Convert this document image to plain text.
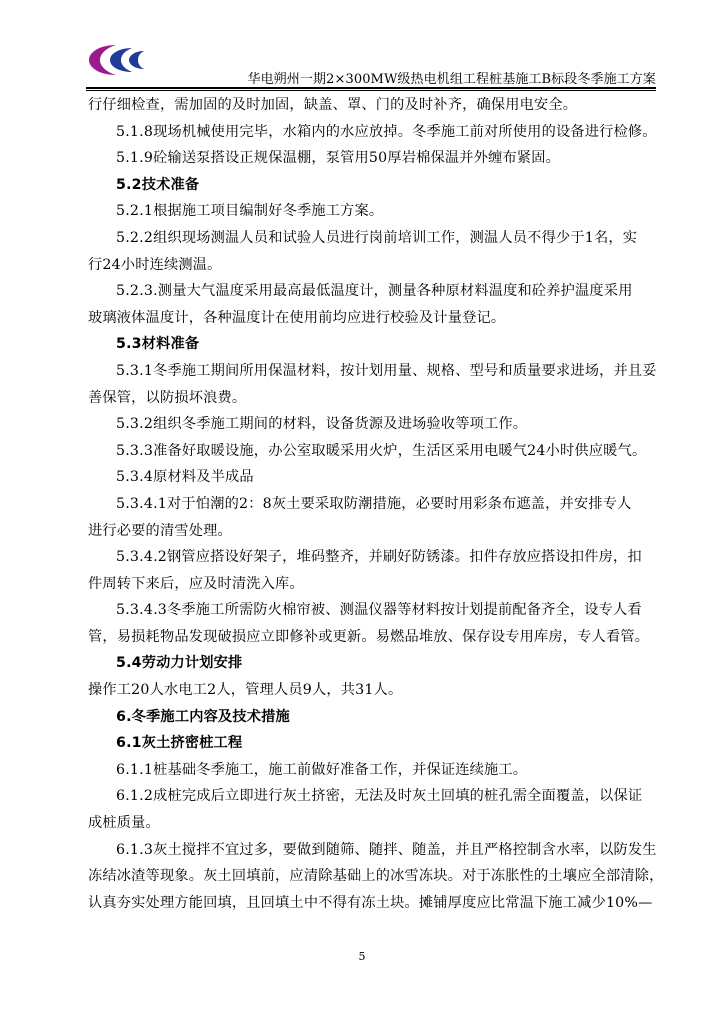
华电朔州一期2×300MW级热电机组工程桩基施工B标段冬季施工方案
行仔细检查，需加固的及时加固，缺盖、罩、门的及时补齐，确保用电安全。
5.1.8现场机械使用完毕，水箱内的水应放掉。冬季施工前对所使用的设备进行检修。
5.1.9砼输送泵搭设正规保温棚，泵管用50厚岩棉保温并外缠布紧固。
5.2技术准备
5.2.1根据施工项目编制好冬季施工方案。
5.2.2组织现场测温人员和试验人员进行岗前培训工作，测温人员不得少于1名，实
行24小时连续测温。
5.2.3.测量大气温度采用最高最低温度计，测量各种原材料温度和砼养护温度采用
玻璃液体温度计，各种温度计在使用前均应进行校验及计量登记。
5.3材料准备
5.3.1冬季施工期间所用保温材料，按计划用量、规格、型号和质量要求进场，并且妥
善保管，以防损坏浪费。
5.3.2组织冬季施工期间的材料，设备货源及进场验收等项工作。
5.3.3准备好取暖设施，办公室取暖采用火炉，生活区采用电暖气24小时供应暖气。
5.3.4原材料及半成品
5.3.4.1对于怕潮的2：8灰土要采取防潮措施，必要时用彩条布遮盖，并安排专人
进行必要的清雪处理。
5.3.4.2钢管应搭设好架子，堆码整齐，并刷好防锈漆。扣件存放应搭设扣件房，扣
件周转下来后，应及时清洗入库。
5.3.4.3冬季施工所需防火棉帘被、测温仪器等材料按计划提前配备齐全，设专人看
管，易损耗物品发现破损应立即修补或更新。易燃品堆放、保存设专用库房，专人看管。
5.4劳动力计划安排
操作工20人水电工2人，管理人员9人，共31人。
6.冬季施工内容及技术措施
6.1灰土挤密桩工程
6.1.1桩基础冬季施工，施工前做好准备工作，并保证连续施工。
6.1.2成桩完成后立即进行灰土挤密，无法及时灰土回填的桩孔需全面覆盖，以保证
成桩质量。
6.1.3灰土搅拌不宜过多，要做到随筛、随拌、随盖，并且严格控制含水率，以防发生
冻结冰渣等现象。灰土回填前，应清除基础上的冰雪冻块。对于冻胀性的土壤应全部清除，
认真夯实处理方能回填，且回填土中不得有冻土块。摊铺厚度应比常温下施工减少10%—
5
